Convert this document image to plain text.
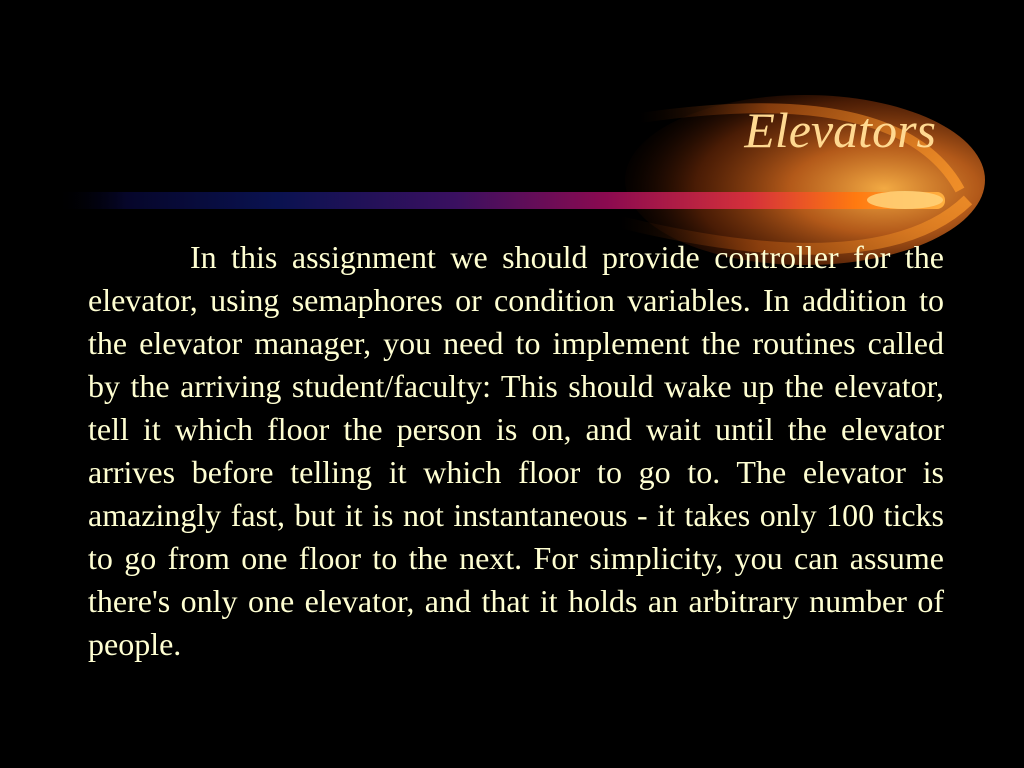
Elevators

In this assignment we should provide controller for the elevator, using semaphores or condition variables. In addition to the elevator manager, you need to implement the routines called by the arriving student/faculty: This should wake up the elevator, tell it which floor the person is on, and wait until the elevator arrives before telling it which floor to go to. The elevator is amazingly fast, but it is not instantaneous - it takes only 100 ticks to go from one floor to the next. For simplicity, you can assume there's only one elevator, and that it holds an arbitrary number of people.
